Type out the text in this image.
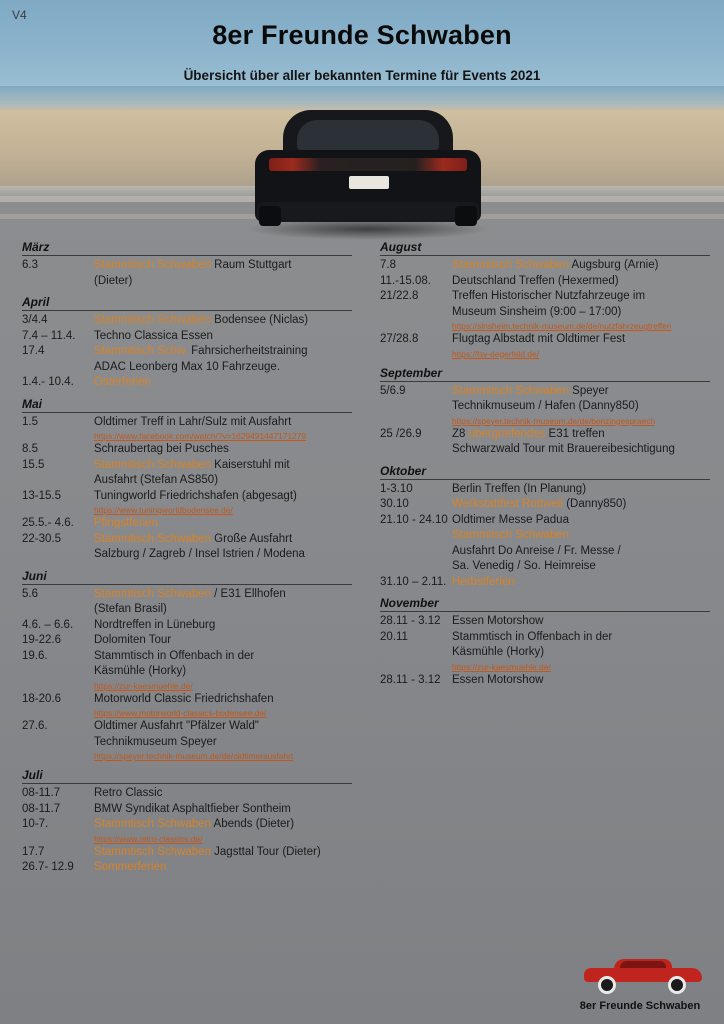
V4
8er Freunde Schwaben
Übersicht über aller bekannten Termine für Events 2021
März
6.3	Stammtisch Schwaben Raum Stuttgart
(Dieter)
April
3/4.4	Stammtisch Schwaben Bodensee (Niclas)
7.4 – 11.4.	Techno Classica Essen
17.4	Stammtisch Schw. Fahrsicherheitstraining
ADAC Leonberg Max 10 Fahrzeuge.
1.4.- 10.4.	Osterferien
Mai
1.5	Oldtimer Treff in Lahr/Sulz mit Ausfahrt
https://www.facebook.com/watch/?v=1629491447171279
8.5	Schraubertag bei Pusches
15.5	Stammtisch Schwaben Kaiserstuhl mit
Ausfahrt (Stefan AS850)
13-15.5	Tuningworld Friedrichshafen (abgesagt)
https://www.tuningworldbodensee.de/
25.5.- 4.6.	Pfingstferien
22-30.5	Stammtisch Schwaben Große Ausfahrt
Salzburg / Zagreb / Insel Istrien / Modena
Juni
5.6	Stammtisch Schwaben / E31 Ellhofen
(Stefan Brasil)
4.6. – 6.6.	Nordtreffen in Lüneburg
19-22.6	Dolomiten Tour
19.6.	Stammtisch in Offenbach in der
Käsmühle (Horky)
https://zur-kaesmuehle.de/
18-20.6	Motorworld Classic Friedrichshafen
https://www.motorworld-classics-bodensee.de/
27.6.	Oldtimer Ausfahrt "Pfälzer Wald"
Technikmuseum Speyer
https://speyer.technik-museum.de/de/oldtimerausfahrt
Juli
08-11.7	Retro Classic
08-11.7	BMW Syndikat Asphaltfieber Sontheim
10-7.	Stammtisch Schwaben Abends (Dieter)
https://www.retro-classics.de/
17.7	Stammtisch Schwaben Jagsttal Tour (Dieter)
26.7- 12.9	Sommerferien
August
7.8	Stammtisch Schwaben Augsburg (Arnie)
11.-15.08.	Deutschland Treffen (Hexermed)
21/22.8	Treffen Historischer Nutzfahrzeuge im
Museum Sinsheim (9:00 – 17:00)
https://sinsheim.technik-museum.de/de/nutzfahrzeugtreffen
27/28.8	Flugtag Albstadt mit Oldtimer Fest
https://lsv-degerfeld.de/
September
5/6.9	Stammtisch Schwaben Speyer
Technikmuseum / Hafen (Danny850)
https://speyer.technik-museum.de/de/benzingespraech
25 /26.9	Z8 übergreifendes E31 treffen
Schwarzwald Tour mit Brauereibesichtigung
Oktober
1-3.10	Berlin Treffen (In Planung)
30.10	Werkstattfest Rottweil (Danny850)
21.10 - 24.10 Oldtimer Messe Padua
Stammtisch Schwaben
Ausfahrt Do Anreise / Fr. Messe /
Sa. Venedig / So. Heimreise
31.10 – 2.11. Herbstferien
November
28.11 - 3.12 Essen Motorshow
20.11	Stammtisch in Offenbach in der
Käsmühle (Horky)
https://zur-kaesmuehle.de/
28.11 - 3.12 Essen Motorshow
8er Freunde Schwaben
